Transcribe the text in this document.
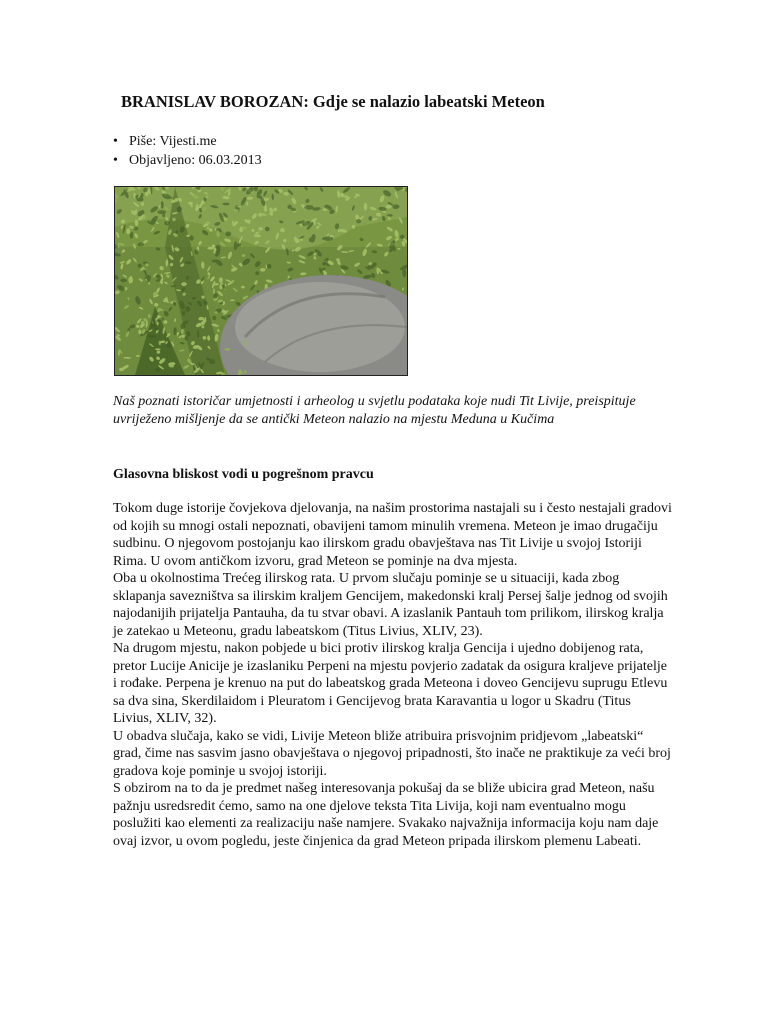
BRANISLAV BOROZAN: Gdje se nalazio labeatski Meteon
• Piše: Vijesti.me
• Objavljeno: 06.03.2013

Naš poznati istoričar umjetnosti i arheolog u svjetlu podataka koje nudi Tit Livije, preispituje uvriježeno mišljenje da se antički Meteon nalazio na mjestu Meduna u Kučima

Glasovna bliskost vodi u pogrešnom pravcu

Tokom duge istorije čovjekova djelovanja, na našim prostorima nastajali su i često nestajali gradovi od kojih su mnogi ostali nepoznati, obavijeni tamom minulih vremena. Meteon je imao drugačiju sudbinu. O njegovom postojanju kao ilirskom gradu obavještava nas Tit Livije u svojoj Istoriji Rima. U ovom antičkom izvoru, grad Meteon se pominje na dva mjesta.

Oba u okolnostima Trećeg ilirskog rata. U prvom slučaju pominje se u situaciji, kada zbog sklapanja savezništva sa ilirskim kraljem Gencijem, makedonski kralj Persej šalje jednog od svojih najodanijih prijatelja Pantauha, da tu stvar obavi. A izaslanik Pantauh tom prilikom, ilirskog kralja je zatekao u Meteonu, gradu labeatskom (Titus Livius, XLIV, 23).

Na drugom mjestu, nakon pobjede u bici protiv ilirskog kralja Gencija i ujedno dobijenog rata, pretor Lucije Anicije je izaslaniku Perpeni na mjestu povjerio zadatak da osigura kraljeve prijatelje i rođake. Perpena je krenuo na put do labeatskog grada Meteona i doveo Gencijevu suprugu Etlevu sa dva sina, Skerdilaidom i Pleuratom i Gencijevog brata Karavantia u logor u Skadru (Titus Livius, XLIV, 32).

U obadva slučaja, kako se vidi, Livije Meteon bliže atribuira prisvojnim pridjevom „labeatski“ grad, čime nas sasvim jasno obavještava o njegovoj pripadnosti, što inače ne praktikuje za veći broj gradova koje pominje u svojoj istoriji.

S obzirom na to da je predmet našeg interesovanja pokušaj da se bliže ubicira grad Meteon, našu pažnju usredsredit ćemo, samo na one djelove teksta Tita Livija, koji nam eventualno mogu poslužiti kao elementi za realizaciju naše namjere. Svakako najvažnija informacija koju nam daje ovaj izvor, u ovom pogledu, jeste činjenica da grad Meteon pripada ilirskom plemenu Labeati.
